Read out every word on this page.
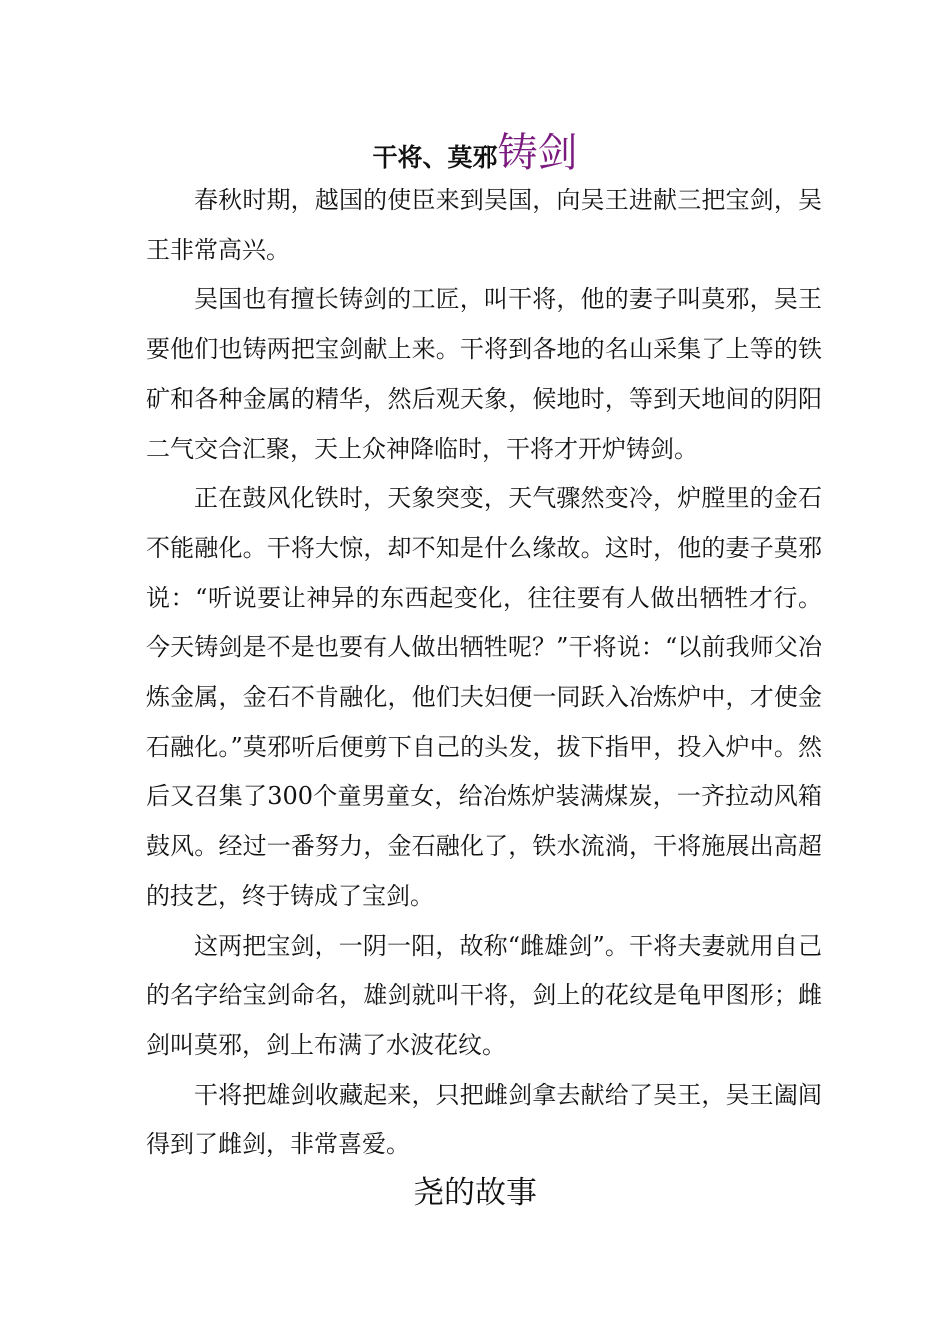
干将、莫邪铸剑

春秋时期，越国的使臣来到吴国，向吴王进献三把宝剑，吴王非常高兴。

吴国也有擅长铸剑的工匠，叫干将，他的妻子叫莫邪，吴王要他们也铸两把宝剑献上来。干将到各地的名山采集了上等的铁矿和各种金属的精华，然后观天象，候地时，等到天地间的阴阳二气交合汇聚，天上众神降临时，干将才开炉铸剑。

正在鼓风化铁时，天象突变，天气骤然变冷，炉膛里的金石不能融化。干将大惊，却不知是什么缘故。这时，他的妻子莫邪说：“听说要让神异的东西起变化，往往要有人做出牺牲才行。今天铸剑是不是也要有人做出牺牲呢？”干将说：“以前我师父冶炼金属，金石不肯融化，他们夫妇便一同跃入冶炼炉中，才使金石融化。”莫邪听后便剪下自己的头发，拔下指甲，投入炉中。然后又召集了300个童男童女，给冶炼炉装满煤炭，一齐拉动风箱鼓风。经过一番努力，金石融化了，铁水流淌，干将施展出高超的技艺，终于铸成了宝剑。

这两把宝剑，一阴一阳，故称“雌雄剑”。干将夫妻就用自己的名字给宝剑命名，雄剑就叫干将，剑上的花纹是龟甲图形；雌剑叫莫邪，剑上布满了水波花纹。

干将把雄剑收藏起来，只把雌剑拿去献给了吴王，吴王阖闾得到了雌剑，非常喜爱。

尧的故事
